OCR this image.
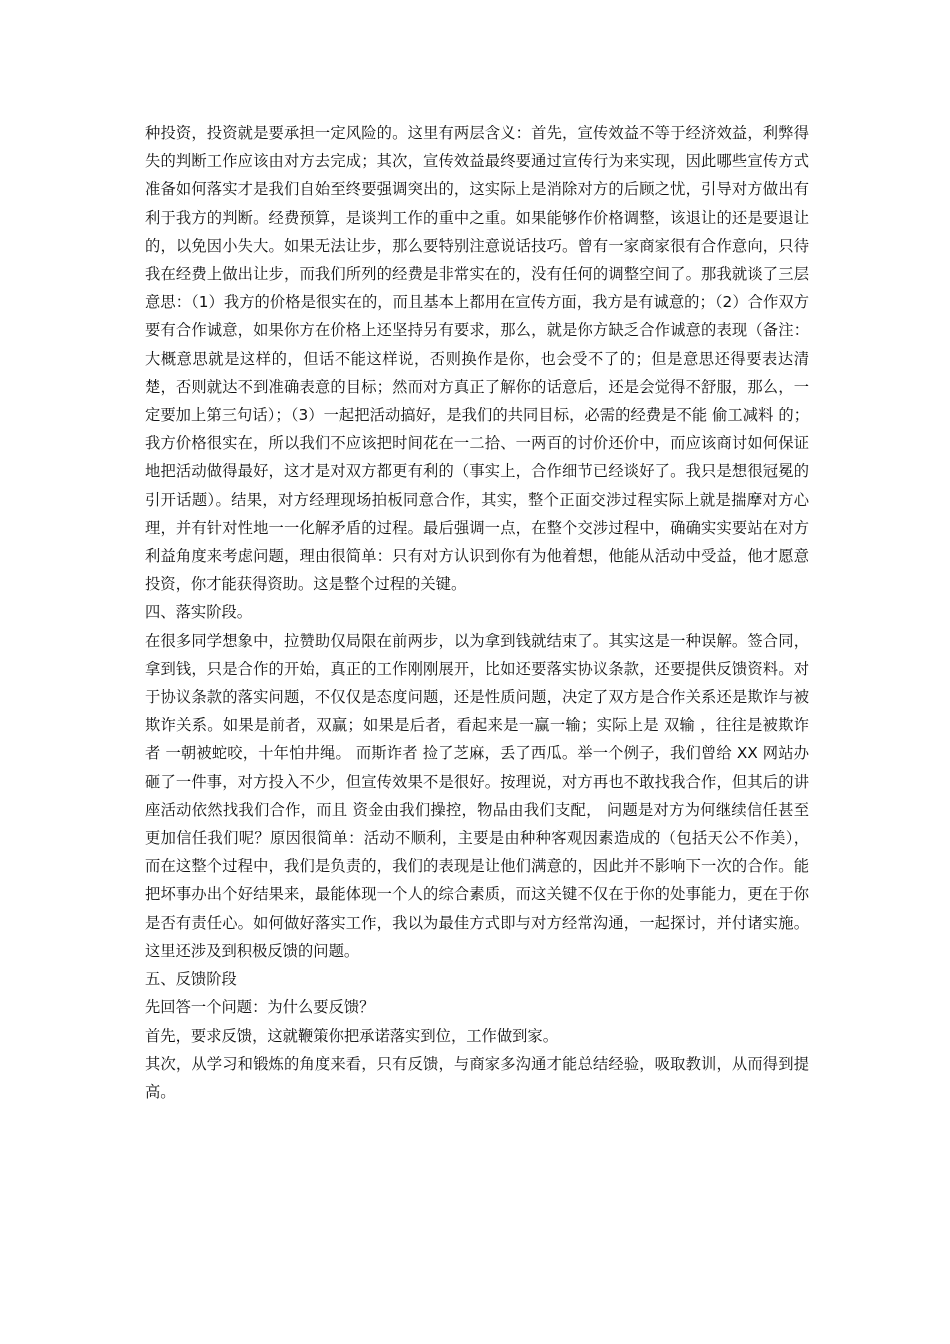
种投资，投资就是要承担一定风险的。这里有两层含义：首先，宣传效益不等于经济效益，利弊得失的判断工作应该由对方去完成；其次，宣传效益最终要通过宣传行为来实现，因此哪些宣传方式准备如何落实才是我们自始至终要强调突出的，这实际上是消除对方的后顾之忧，引导对方做出有利于我方的判断。经费预算，是谈判工作的重中之重。如果能够作价格调整，该退让的还是要退让的，以免因小失大。如果无法让步，那么要特别注意说话技巧。曾有一家商家很有合作意向，只待我在经费上做出让步，而我们所列的经费是非常实在的，没有任何的调整空间了。那我就谈了三层意思：（1）我方的价格是很实在的，而且基本上都用在宣传方面，我方是有诚意的；（2）合作双方要有合作诚意，如果你方在价格上还坚持另有要求，那么，就是你方缺乏合作诚意的表现（备注：大概意思就是这样的，但话不能这样说，否则换作是你，也会受不了的；但是意思还得要表达清楚，否则就达不到准确表意的目标；然而对方真正了解你的话意后，还是会觉得不舒服，那么，一定要加上第三句话）；（3）一起把活动搞好，是我们的共同目标，必需的经费是不能 偷工减料 的；我方价格很实在，所以我们不应该把时间花在一二拾、一两百的讨价还价中，而应该商讨如何保证地把活动做得最好，这才是对双方都更有利的（事实上，合作细节已经谈好了。我只是想很冠冕的引开话题）。结果，对方经理现场拍板同意合作，其实，整个正面交涉过程实际上就是揣摩对方心理，并有针对性地一一化解矛盾的过程。最后强调一点，在整个交涉过程中，确确实实要站在对方利益角度来考虑问题，理由很简单：只有对方认识到你有为他着想，他能从活动中受益，他才愿意投资，你才能获得资助。这是整个过程的关键。

四、落实阶段。

在很多同学想象中，拉赞助仅局限在前两步，以为拿到钱就结束了。其实这是一种误解。签合同，拿到钱，只是合作的开始，真正的工作刚刚展开，比如还要落实协议条款，还要提供反馈资料。对于协议条款的落实问题，不仅仅是态度问题，还是性质问题，决定了双方是合作关系还是欺诈与被欺诈关系。如果是前者，双赢；如果是后者，看起来是一赢一输；实际上是 双输 ，往往是被欺诈者 一朝被蛇咬，十年怕井绳。 而斯诈者 捡了芝麻，丢了西瓜。举一个例子，我们曾给 XX 网站办砸了一件事，对方投入不少，但宣传效果不是很好。按理说，对方再也不敢找我合作，但其后的讲座活动依然找我们合作，而且 资金由我们操控，物品由我们支配， 问题是对方为何继续信任甚至更加信任我们呢？原因很简单：活动不顺利，主要是由种种客观因素造成的（包括天公不作美），而在这整个过程中，我们是负责的，我们的表现是让他们满意的，因此并不影响下一次的合作。能把坏事办出个好结果来，最能体现一个人的综合素质，而这关键不仅在于你的处事能力，更在于你是否有责任心。如何做好落实工作，我以为最佳方式即与对方经常沟通，一起探讨，并付诸实施。这里还涉及到积极反馈的问题。

五、反馈阶段

先回答一个问题：为什么要反馈？

首先，要求反馈，这就鞭策你把承诺落实到位，工作做到家。

其次，从学习和锻炼的角度来看，只有反馈，与商家多沟通才能总结经验，吸取教训，从而得到提高。
